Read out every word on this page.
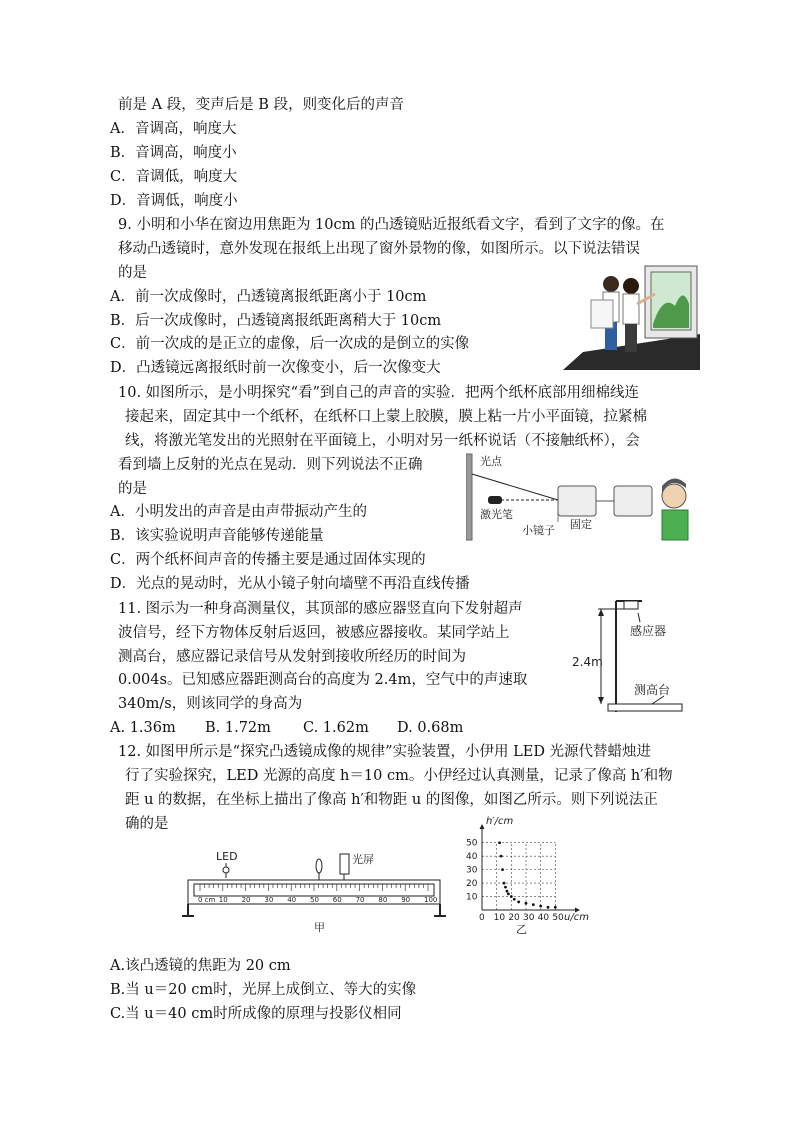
前是 A 段，变声后是 B 段，则变化后的声音
A．音调高，响度大
B．音调高，响度小
C．音调低，响度大
D．音调低，响度小
9. 小明和小华在窗边用焦距为 10cm 的凸透镜贴近报纸看文字，看到了文字的像。在
移动凸透镜时，意外发现在报纸上出现了窗外景物的像，如图所示。以下说法错误
的是
A．前一次成像时，凸透镜离报纸距离小于 10cm
B．后一次成像时，凸透镜离报纸距离稍大于 10cm
C．前一次成的是正立的虚像，后一次成的是倒立的实像
D．凸透镜远离报纸时前一次像变小，后一次像变大
10. 如图所示，是小明探究“看”到自己的声音的实验．把两个纸杯底部用细棉线连
接起来，固定其中一个纸杯，在纸杯口上蒙上胶膜，膜上粘一片小平面镜，拉紧棉
线，将激光笔发出的光照射在平面镜上，小明对另一纸杯说话（不接触纸杯），会
看到墙上反射的光点在晃动．则下列说法不正确
的是
A．小明发出的声音是由声带振动产生的
B．该实验说明声音能够传递能量
C．两个纸杯间声音的传播主要是通过固体实现的
D．光点的晃动时，光从小镜子射向墙壁不再沿直线传播
光点
激光笔
小镜子 固定
11. 图示为一种身高测量仪，其顶部的感应器竖直向下发射超声
波信号，经下方物体反射后返回，被感应器接收。某同学站上
测高台，感应器记录信号从发射到接收所经历的时间为
0.004s。已知感应器距测高台的高度为 2.4m，空气中的声速取
340m/s，则该同学的身高为
A. 1.36m B. 1.72m C. 1.62m D. 0.68m
2.4m
感应器
测高台
12. 如图甲所示是“探究凸透镜成像的规律”实验装置，小伊用 LED 光源代替蜡烛进
行了实验探究，LED 光源的高度 h＝10 cm。小伊经过认真测量，记录了像高 h′和物
距 u 的数据，在坐标上描出了像高 h′和物距 u 的图像，如图乙所示。则下列说法正
确的是
LED	光屏
0 cm 10 20 30 40 50 60 70 80 90 100
甲
10
20
30
40
50
0 10 20 30 40 50
h′/cm
u/cm
乙
A.该凸透镜的焦距为 20 cm
B.当 u＝20 cm时，光屏上成倒立、等大的实像
C.当 u＝40 cm时所成像的原理与投影仪相同
